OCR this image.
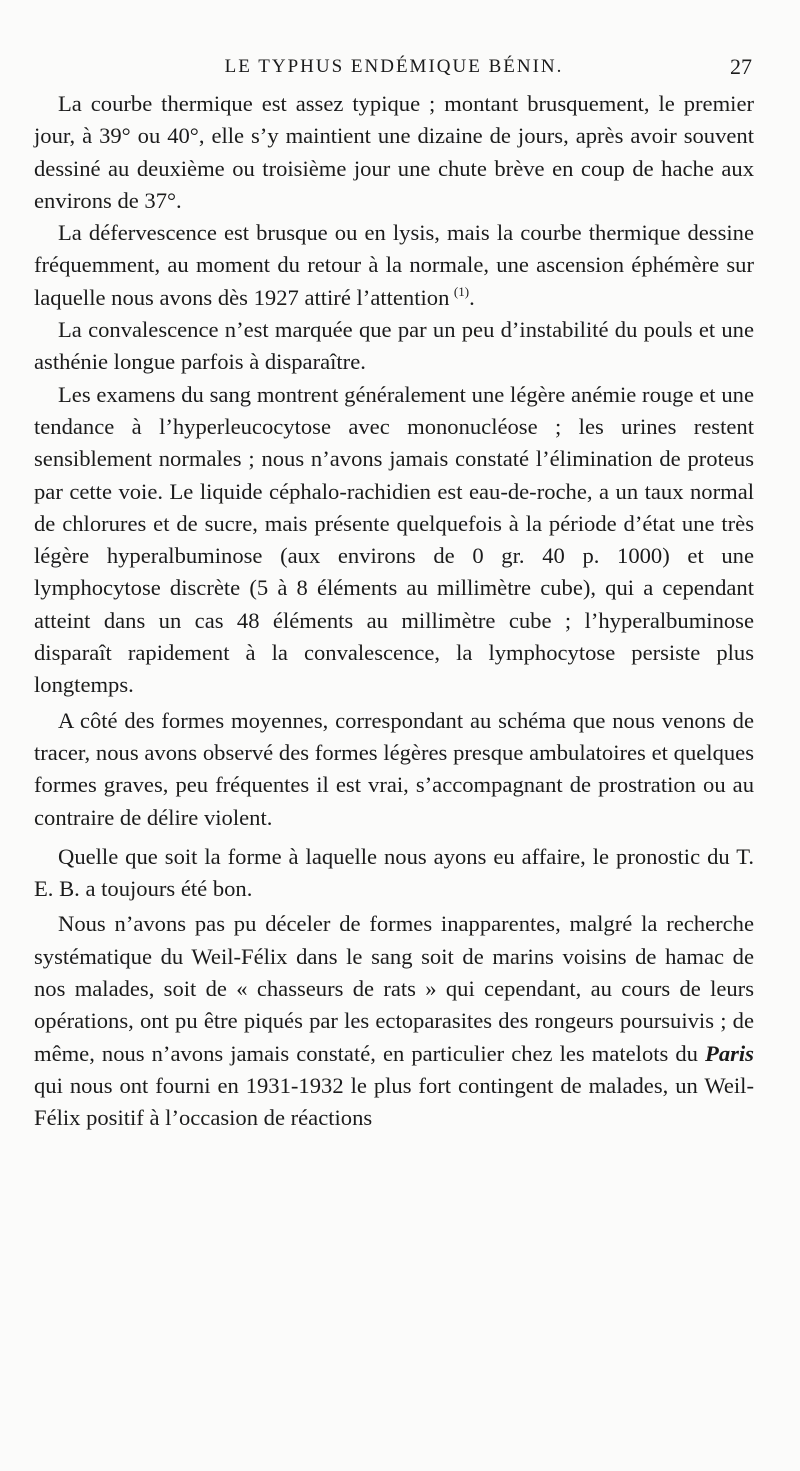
LE TYPHUS ENDÉMIQUE BÉNIN.	27

La courbe thermique est assez typique ; montant brusquement, le premier jour, à 39° ou 40°, elle s’y maintient une dizaine de jours, après avoir souvent dessiné au deuxième ou troisième jour une chute brève en coup de hache aux environs de 37°.

La défervescence est brusque ou en lysis, mais la courbe thermique dessine fréquemment, au moment du retour à la normale, une ascension éphémère sur laquelle nous avons dès 1927 attiré l’attention  $^{(1)}$.

La convalescence n’est marquée que par un peu d’instabilité du pouls et une asthénie longue parfois à disparaître.

Les examens du sang montrent généralement une légère anémie rouge et une tendance à l’hyperleucocytose avec mononucléose ; les urines restent sensiblement normales ; nous n’avons jamais constaté l’élimination de proteus par cette voie. Le liquide céphalo-rachidien est eau-de-roche, a un taux normal de chlorures et de sucre, mais présente quelquefois à la période d’état une très légère hyperalbuminose (aux environs de 0 gr. 40 p. 1000) et une lymphocytose discrète (5 à 8 éléments au millimètre cube), qui a cependant atteint dans un cas 48 éléments au millimètre cube ; l’hyperalbuminose disparaît rapidement à la convalescence, la lymphocytose persiste plus longtemps.

A côté des formes moyennes, correspondant au schéma que nous venons de tracer, nous avons observé des formes légères presque ambulatoires et quelques formes graves, peu fréquentes il est vrai, s’accompagnant de prostration ou au contraire de délire violent.

Quelle que soit la forme à laquelle nous ayons eu affaire, le pronostic du T. E. B. a toujours été bon.

Nous n’avons pas pu déceler de formes inapparentes, malgré la recherche systématique du Weil-Félix dans le sang soit de marins voisins de hamac de nos malades, soit de « chasseurs de rats » qui cependant, au cours de leurs opérations, ont pu être piqués par les ectoparasites des rongeurs poursuivis ; de même, nous n’avons jamais constaté, en particulier chez les matelots du Paris qui nous ont fourni en 1931-1932 le plus fort contingent de malades, un Weil-Félix positif à l’occasion de réactions
